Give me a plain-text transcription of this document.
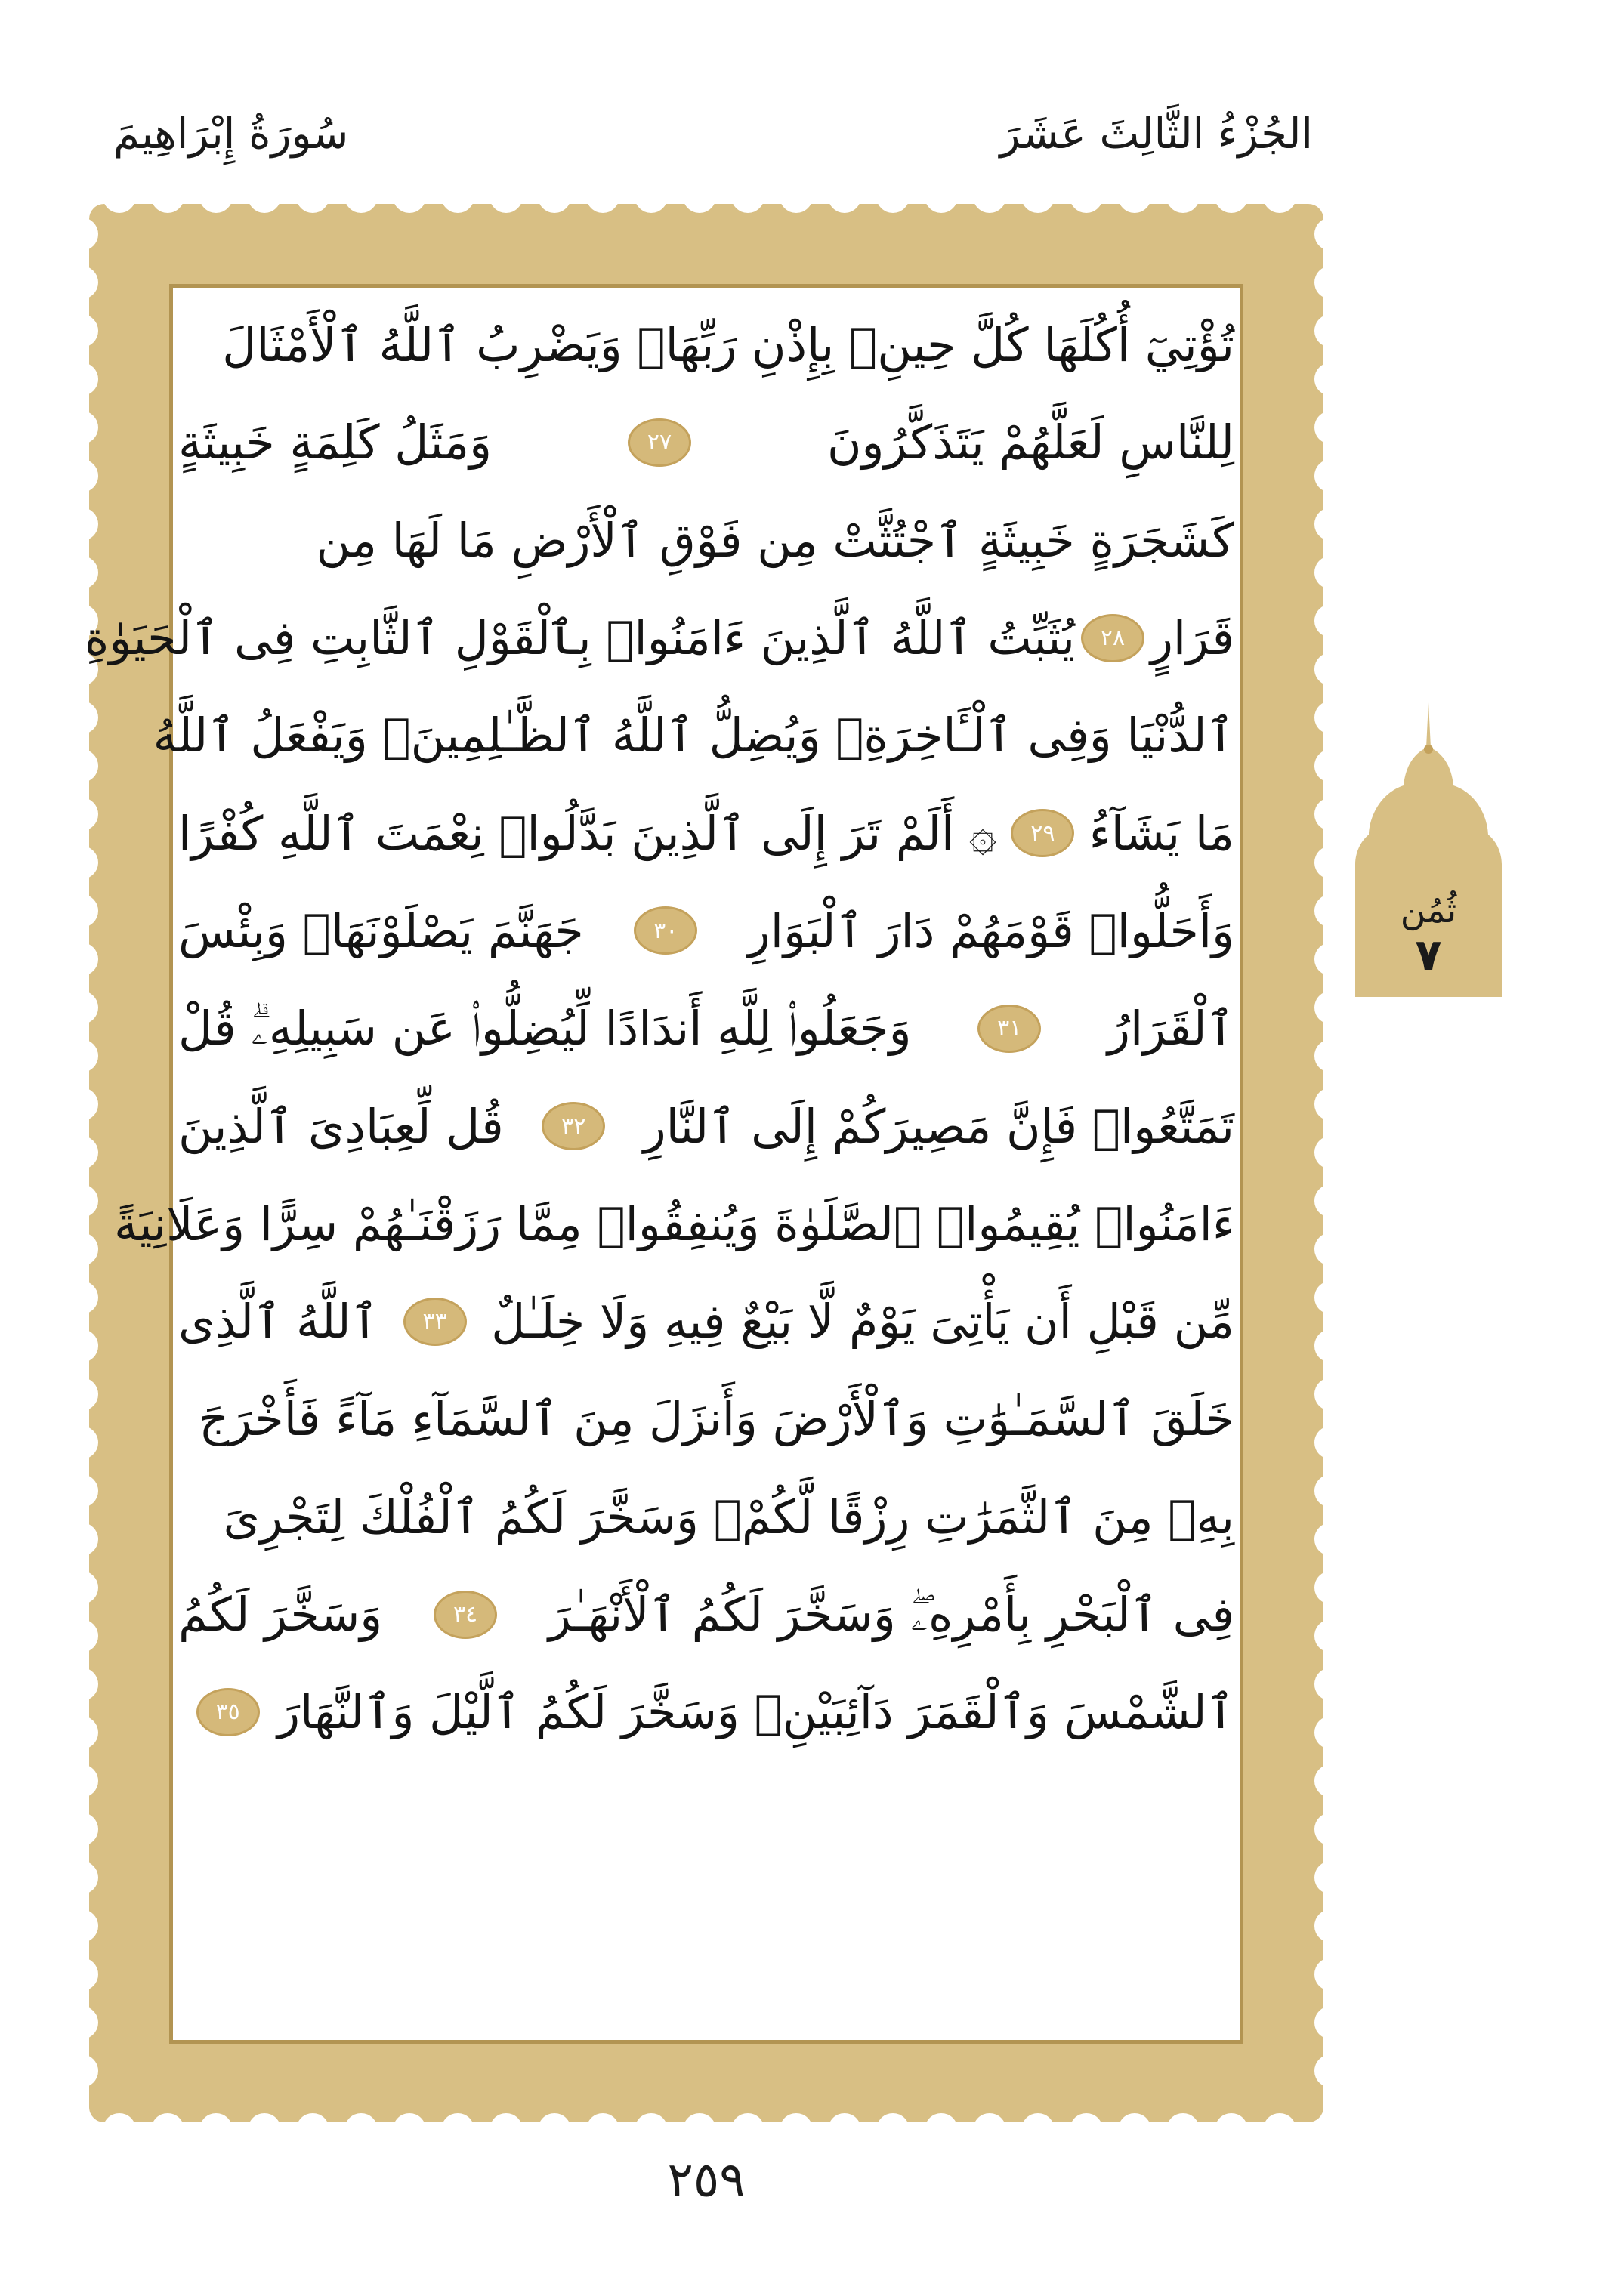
الجُزْءُ الثَّالِثَ عَشَرَ
سُورَةُ إِبْرَاهِيمَ
تُؤْتِيٓ أُكُلَهَا كُلَّ حِينِۭ بِإِذْنِ رَبِّهَاۗ وَيَضْرِبُ ٱللَّهُ ٱلْأَمْثَالَ
لِلنَّاسِ لَعَلَّهُمْ يَتَذَكَّرُونَ
٢٧
وَمَثَلُ كَلِمَةٍ خَبِيثَةٍ
كَشَجَرَةٍ خَبِيثَةٍ ٱجْتُثَّتْ مِن فَوْقِ ٱلْأَرْضِ مَا لَهَا مِن
قَرَارٍ
٢٨
يُثَبِّتُ ٱللَّهُ ٱلَّذِينَ ءَامَنُوا۟ بِٱلْقَوْلِ ٱلثَّابِتِ فِى ٱلْحَيَوٰةِ
ٱلدُّنْيَا وَفِى ٱلْـَٔاخِرَةِۖ وَيُضِلُّ ٱللَّهُ ٱلظَّـٰلِمِينَۚ وَيَفْعَلُ ٱللَّهُ
مَا يَشَآءُ
٢٩
۞ أَلَمْ تَرَ إِلَى ٱلَّذِينَ بَدَّلُوا۟ نِعْمَتَ ٱللَّهِ كُفْرًا
وَأَحَلُّوا۟ قَوْمَهُمْ دَارَ ٱلْبَوَارِ
٣٠
جَهَنَّمَ يَصْلَوْنَهَاۖ وَبِئْسَ
ٱلْقَرَارُ
٣١
وَجَعَلُوا۟ لِلَّهِ أَندَادًا لِّيُضِلُّوا۟ عَن سَبِيلِهِۦۗ قُلْ
تَمَتَّعُوا۟ فَإِنَّ مَصِيرَكُمْ إِلَى ٱلنَّارِ
٣٢
قُل لِّعِبَادِىَ ٱلَّذِينَ
ءَامَنُوا۟ يُقِيمُوا۟ ٱلصَّلَوٰةَ وَيُنفِقُوا۟ مِمَّا رَزَقْنَـٰهُمْ سِرًّا وَعَلَانِيَةً
مِّن قَبْلِ أَن يَأْتِىَ يَوْمٌ لَّا بَيْعٌ فِيهِ وَلَا خِلَـٰلٌ
٣٣
ٱللَّهُ ٱلَّذِى
خَلَقَ ٱلسَّمَـٰوَٰتِ وَٱلْأَرْضَ وَأَنزَلَ مِنَ ٱلسَّمَآءِ مَآءً فَأَخْرَجَ
بِهِۦ مِنَ ٱلثَّمَرَٰتِ رِزْقًا لَّكُمْۖ وَسَخَّرَ لَكُمُ ٱلْفُلْكَ لِتَجْرِىَ
فِى ٱلْبَحْرِ بِأَمْرِهِۦۖ وَسَخَّرَ لَكُمُ ٱلْأَنْهَـٰرَ
٣٤
وَسَخَّرَ لَكُمُ
ٱلشَّمْسَ وَٱلْقَمَرَ دَآئِبَيْنِۖ وَسَخَّرَ لَكُمُ ٱلَّيْلَ وَٱلنَّهَارَ
٣٥
ثُمُن
٧
٢٥٩
